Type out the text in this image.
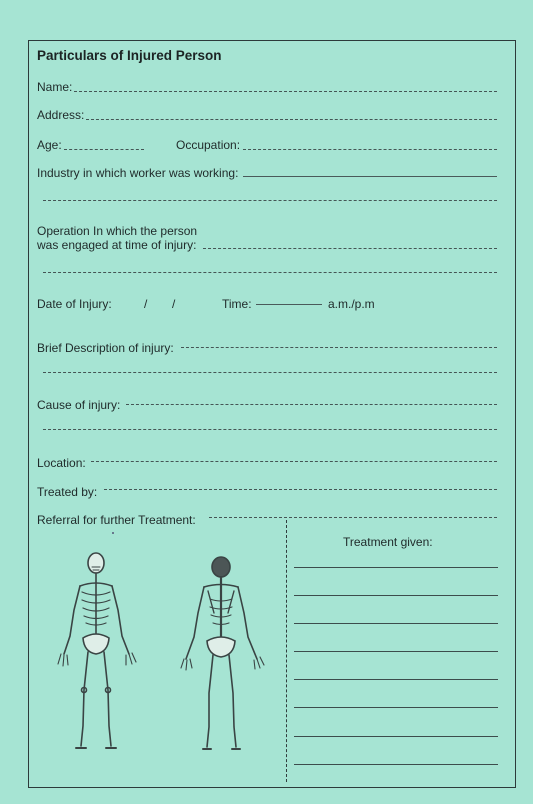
Particulars of Injured Person
Name:
Address:
Age:	Occupation:
Industry in which worker was working:
Operation In which the person
was engaged at time of injury:
Date of Injury:	/ /	Time:	a.m./p.m
Brief Description of injury:
Cause of injury:
Location:
Treated by:
Referral for further Treatment:
Treatment given:
